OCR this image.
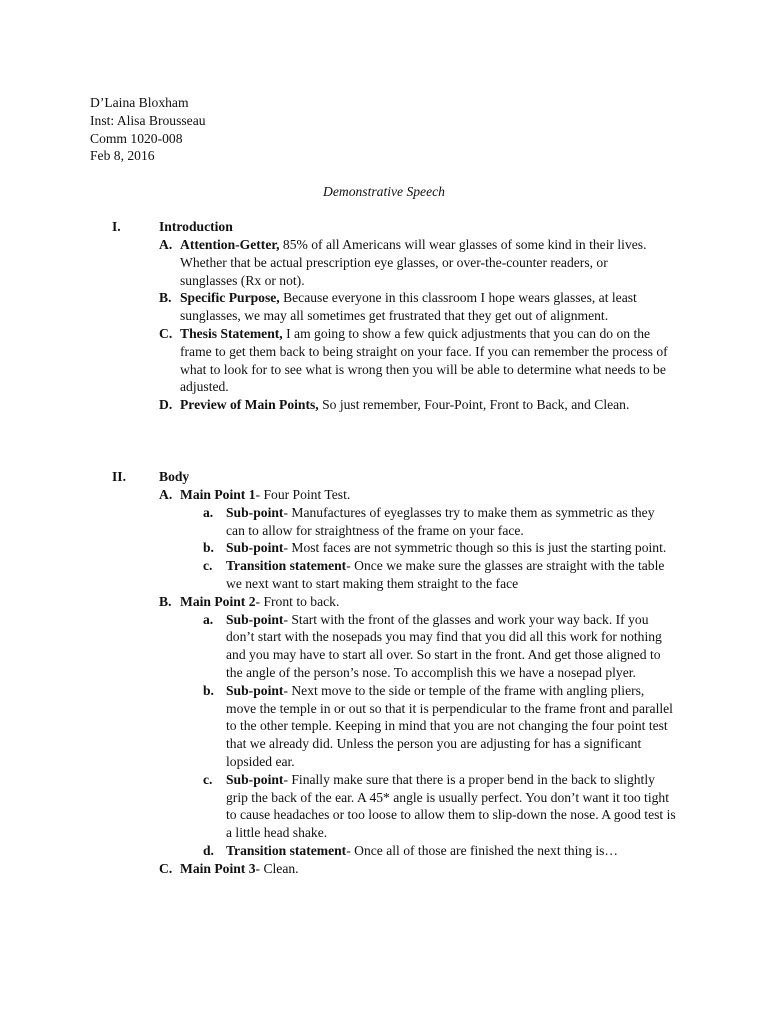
D’Laina Bloxham
Inst: Alisa Brousseau
Comm 1020-008
Feb 8, 2016
Demonstrative Speech
I.	Introduction
A. Attention-Getter, 85% of all Americans will wear glasses of some kind in their lives. Whether that be actual prescription eye glasses, or over-the-counter readers, or sunglasses (Rx or not).
B. Specific Purpose, Because everyone in this classroom I hope wears glasses, at least sunglasses, we may all sometimes get frustrated that they get out of alignment.
C. Thesis Statement, I am going to show a few quick adjustments that you can do on the frame to get them back to being straight on your face. If you can remember the process of what to look for to see what is wrong then you will be able to determine what needs to be adjusted.
D. Preview of Main Points, So just remember, Four-Point, Front to Back, and Clean.
II. Body
A. Main Point 1- Four Point Test.
a. Sub-point- Manufactures of eyeglasses try to make them as symmetric as they can to allow for straightness of the frame on your face.
b. Sub-point- Most faces are not symmetric though so this is just the starting point.
c. Transition statement- Once we make sure the glasses are straight with the table we next want to start making them straight to the face
B. Main Point 2- Front to back.
a. Sub-point- Start with the front of the glasses and work your way back. If you don’t start with the nosepads you may find that you did all this work for nothing and you may have to start all over. So start in the front. And get those aligned to the angle of the person’s nose. To accomplish this we have a nosepad plyer.
b. Sub-point- Next move to the side or temple of the frame with angling pliers, move the temple in or out so that it is perpendicular to the frame front and parallel to the other temple. Keeping in mind that you are not changing the four point test that we already did. Unless the person you are adjusting for has a significant lopsided ear.
c. Sub-point- Finally make sure that there is a proper bend in the back to slightly grip the back of the ear. A 45* angle is usually perfect. You don’t want it too tight to cause headaches or too loose to allow them to slip-down the nose. A good test is a little head shake.
d. Transition statement- Once all of those are finished the next thing is…
C. Main Point 3- Clean.
